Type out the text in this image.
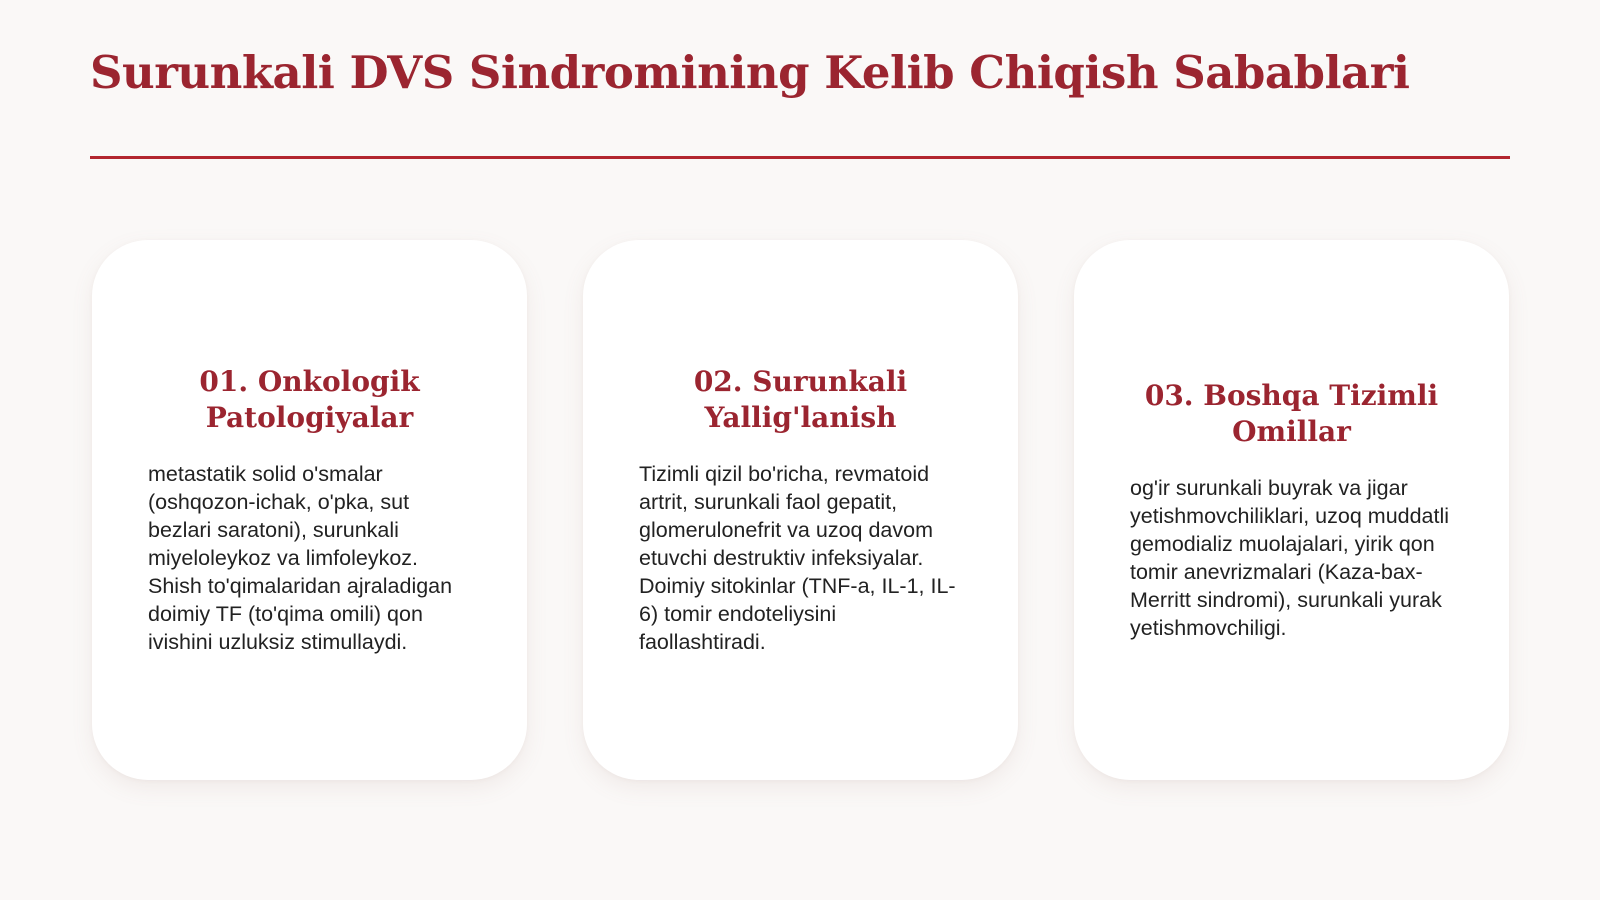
Surunkali DVS Sindromining Kelib Chiqish Sabablari
01. Onkologik Patologiyalar

metastatik solid o'smalar (oshqozon-ichak, o'pka, sut bezlari saratoni), surunkali miyeloleykoz va limfoleykoz. Shish to'qimalaridan ajraladigan doimiy TF (to'qima omili) qon ivishini uzluksiz stimullaydi.

02. Surunkali Yallig'lanish

Tizimli qizil bo'richa, revmatoid artrit, surunkali faol gepatit, glomerulonefrit va uzoq davom etuvchi destruktiv infeksiyalar. Doimiy sitokinlar (TNF-a, IL-1, IL-6) tomir endoteliysini faollashtiradi.

03. Boshqa Tizimli Omillar

og'ir surunkali buyrak va jigar yetishmovchiliklari, uzoq muddatli gemodializ muolajalari, yirik qon tomir anevrizmalari (Kaza-bax-Merritt sindromi), surunkali yurak yetishmovchiligi.
